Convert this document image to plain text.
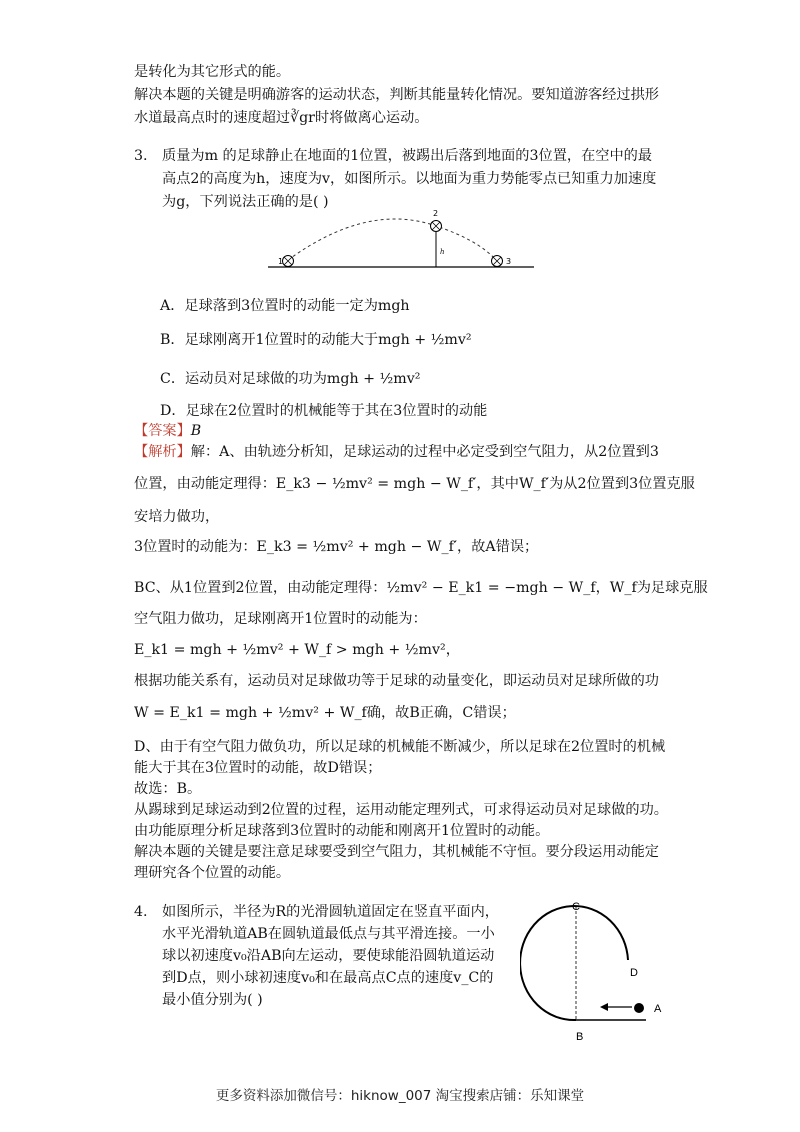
是转化为其它形式的能。
解决本题的关键是明确游客的运动状态，判断其能量转化情况。要知道游客经过拱形
水道最高点时的速度超过∛gr时将做离心运动。
3. 质量为m 的足球静止在地面的1位置，被踢出后落到地面的3位置，在空中的最
高点2的高度为h，速度为v，如图所示。以地面为重力势能零点已知重力加速度
为g，下列说法正确的是( )
1
2
3
h
A．足球落到3位置时的动能一定为mgh
B．足球刚离开1位置时的动能大于mgh + ½mv²
C．运动员对足球做的功为mgh + ½mv²
D．足球在2位置时的机械能等于其在3位置时的动能
【答案】B
【解析】解：A、由轨迹分析知，足球运动的过程中必定受到空气阻力，从2位置到3
位置，由动能定理得：E_k3 − ½mv² = mgh − W_f′，其中W_f′为从2位置到3位置克服
安培力做功，
3位置时的动能为：E_k3 = ½mv² + mgh − W_f′，故A错误；
BC、从1位置到2位置，由动能定理得：½mv² − E_k1 = −mgh − W_f，W_f为足球克服
空气阻力做功，足球刚离开1位置时的动能为：
E_k1 = mgh + ½mv² + W_f > mgh + ½mv²，
根据功能关系有，运动员对足球做功等于足球的动量变化，即运动员对足球所做的功
W = E_k1 = mgh + ½mv² + W_f确，故B正确，C错误；
D、由于有空气阻力做负功，所以足球的机械能不断减少，所以足球在2位置时的机械
能大于其在3位置时的动能，故D错误；
故选：B。
从踢球到足球运动到2位置的过程，运用动能定理列式，可求得运动员对足球做的功。
由功能原理分析足球落到3位置时的动能和刚离开1位置时的动能。
解决本题的关键是要注意足球要受到空气阻力，其机械能不守恒。要分段运用动能定
理研究各个位置的动能。
4. 如图所示，半径为R的光滑圆轨道固定在竖直平面内，
水平光滑轨道AB在圆轨道最低点与其平滑连接。一小
球以初速度v₀沿AB向左运动，要使球能沿圆轨道运动
到D点，则小球初速度v₀和在最高点C点的速度v_C的
最小值分别为( )
C
D
A
B
更多资料添加微信号：hiknow_007 淘宝搜索店铺：乐知课堂
